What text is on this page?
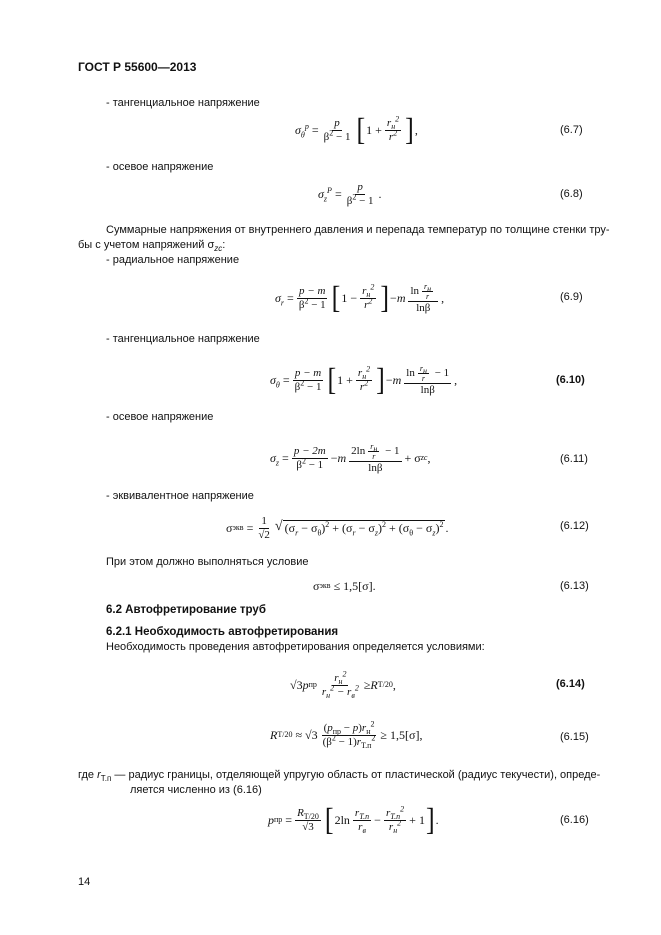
ГОСТ Р 55600—2013
- тангенциальное напряжение
$\sigma_\theta^p = \frac{p}{\beta^2 - 1}$ [ $1 + \frac{r_н^2}{r^2}$ ] ,	(6.7)
- осевое напряжение
$\sigma_z^P = \frac{p}{\beta^2 - 1}$ .	(6.8)
Суммарные напряжения от внутреннего давления и перепада температур по толщине стенки тру-
бы с учетом напряжений $\sigma_{zc}$:
- радиальное напряжение
$\sigma_r = \frac{p - m}{\beta^2 - 1}$ [ $1 - \frac{r_н^2}{r^2}$ ] − m $\frac{\ln \frac{r_н}{r}}{\ln\beta}$ ,	(6.9)
- тангенциальное напряжение
$\sigma_\theta = \frac{p - m}{\beta^2 - 1}$ [ $1 + \frac{r_н^2}{r^2}$ ] − m $\frac{\ln \frac{r_н}{r} - 1}{\ln\beta}$ ,	(6.10)
- осевое напряжение
$\sigma_z = \frac{p - 2m}{\beta^2 - 1} - m \frac{2\ln \frac{r_н}{r} - 1}{\ln\beta} + \sigma$ zc ,	(6.11)
- эквивалентное напряжение
σ экв = $\frac{1}{√2}$ √ $(\sigma_r - \sigma_\theta)^2 + (\sigma_r - \sigma_z)^2 + (\sigma_\theta - \sigma_z)^2$ .	(6.12)
При этом должно выполняться условие
σ экв ≤ 1,5[σ].	(6.13)
6.2 Автофретирование труб
6.2.1 Необходимость автофретирования
Необходимость проведения автофретирования определяется условиями:
√3 p пр $\frac{r_н^2}{r_н^2 - r_в^2} \ge R$ Т/20 ,	(6.14)
R $Т/20 \approx √3 \frac{(p_{пр} - p)r_н^2}{(\beta^2 - 1)r_{Т.п}^2} \ge 1,5[\sigma]$,	(6.15)
где $r_{Т.п}$ — радиус границы, отделяющей упругую область от пластической (радиус текучести), опреде-
ляется численно из (6.16)
p пр = $\frac{R_{Т/20}}{√3}$ [ $2\ln \frac{r_{Т.п}}{r_в} - \frac{r_{Т.п}^2}{r_н^2} + 1$ ] .	(6.16)
14
